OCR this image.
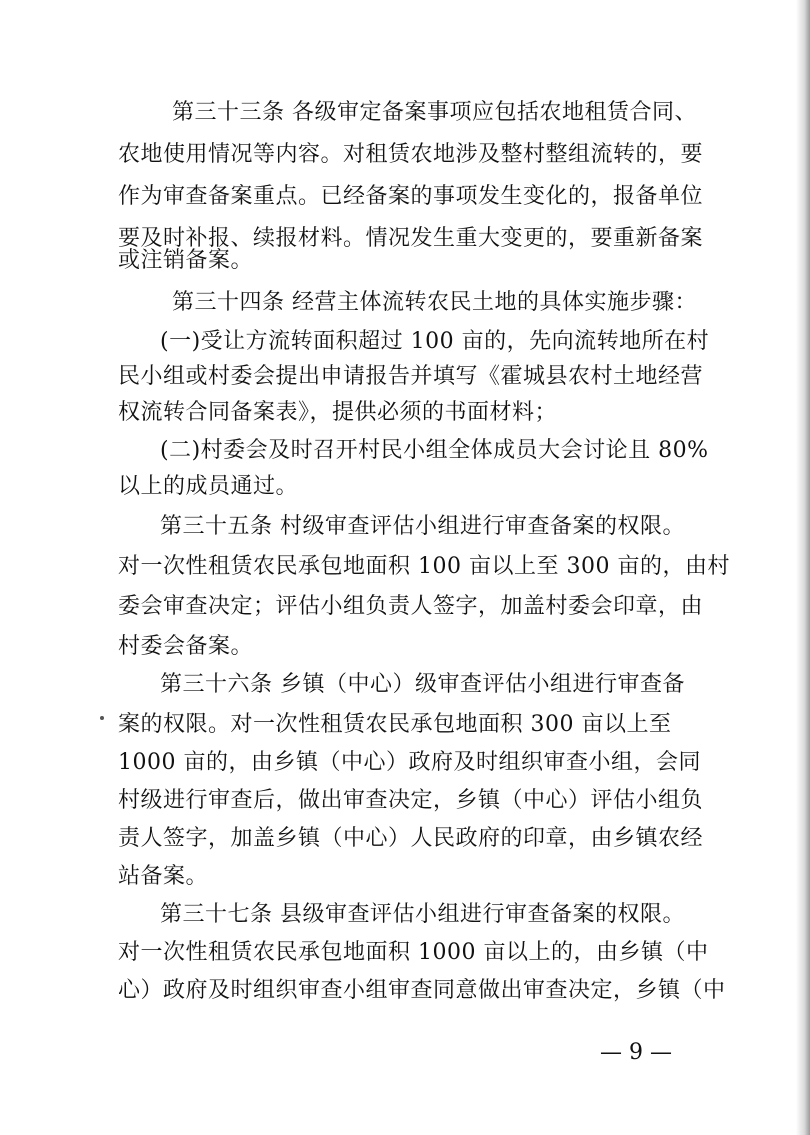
第三十三条 各级审定备案事项应包括农地租赁合同、
农地使用情况等内容。对租赁农地涉及整村整组流转的，要
作为审查备案重点。已经备案的事项发生变化的，报备单位
要及时补报、续报材料。情况发生重大变更的，要重新备案
或注销备案。
第三十四条 经营主体流转农民土地的具体实施步骤：
(一)受让方流转面积超过 100 亩的，先向流转地所在村
民小组或村委会提出申请报告并填写《霍城县农村土地经营
权流转合同备案表》，提供必须的书面材料；
(二)村委会及时召开村民小组全体成员大会讨论且 80%
以上的成员通过。
第三十五条 村级审查评估小组进行审查备案的权限。
对一次性租赁农民承包地面积 100 亩以上至 300 亩的，由村
委会审查决定；评估小组负责人签字，加盖村委会印章，由
村委会备案。
第三十六条 乡镇（中心）级审查评估小组进行审查备
案的权限。对一次性租赁农民承包地面积 300 亩以上至
1000 亩的，由乡镇（中心）政府及时组织审查小组，会同
村级进行审查后，做出审查决定，乡镇（中心）评估小组负
责人签字，加盖乡镇（中心）人民政府的印章，由乡镇农经
站备案。
第三十七条 县级审查评估小组进行审查备案的权限。
对一次性租赁农民承包地面积 1000 亩以上的，由乡镇（中
心）政府及时组织审查小组审查同意做出审查决定，乡镇（中
— 9 —
